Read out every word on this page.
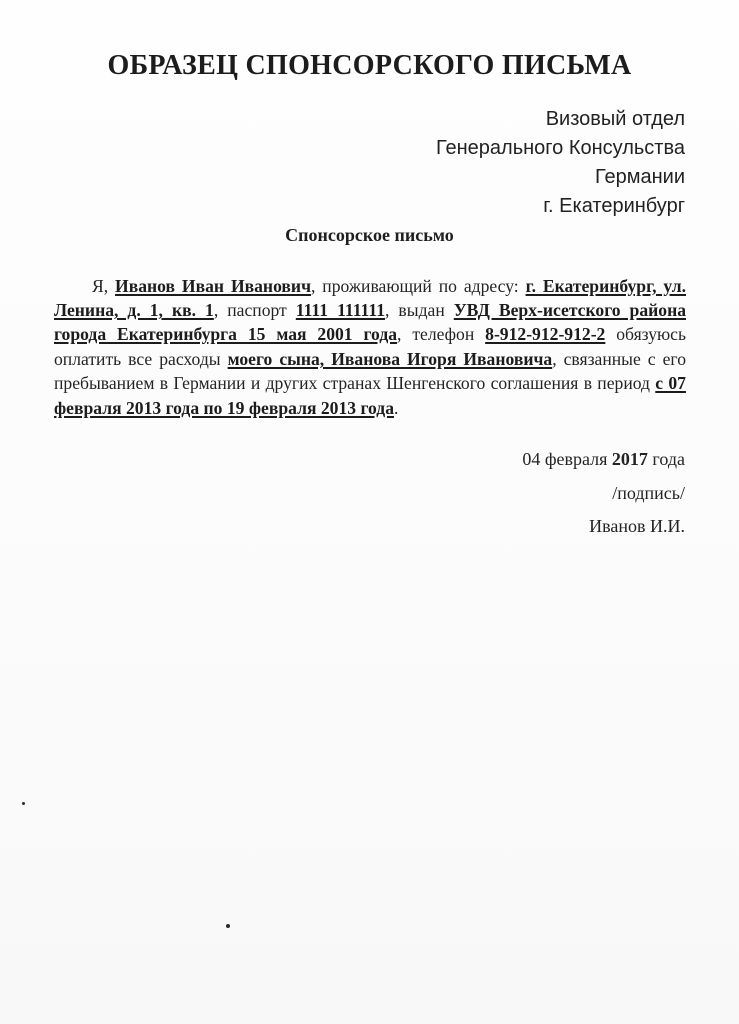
ОБРАЗЕЦ СПОНСОРСКОГО ПИСЬМА
Визовый отдел
Генерального Консульства
Германии
г. Екатеринбург
Спонсорское письмо

Я, Иванов Иван Иванович, проживающий по адресу: г. Екатеринбург, ул. Ленина, д. 1, кв. 1, паспорт 1111 111111, выдан УВД Верх-исетского района города Екатеринбурга 15 мая 2001 года, телефон 8-912-912-912-2 обязуюсь оплатить все расходы моего сына, Иванова Игоря Ивановича, связанные с его пребыванием в Германии и других странах Шенгенского соглашения в период с 07 февраля 2013 года по 19 февраля 2013 года.

04 февраля 2017 года
/подпись/
Иванов И.И.
